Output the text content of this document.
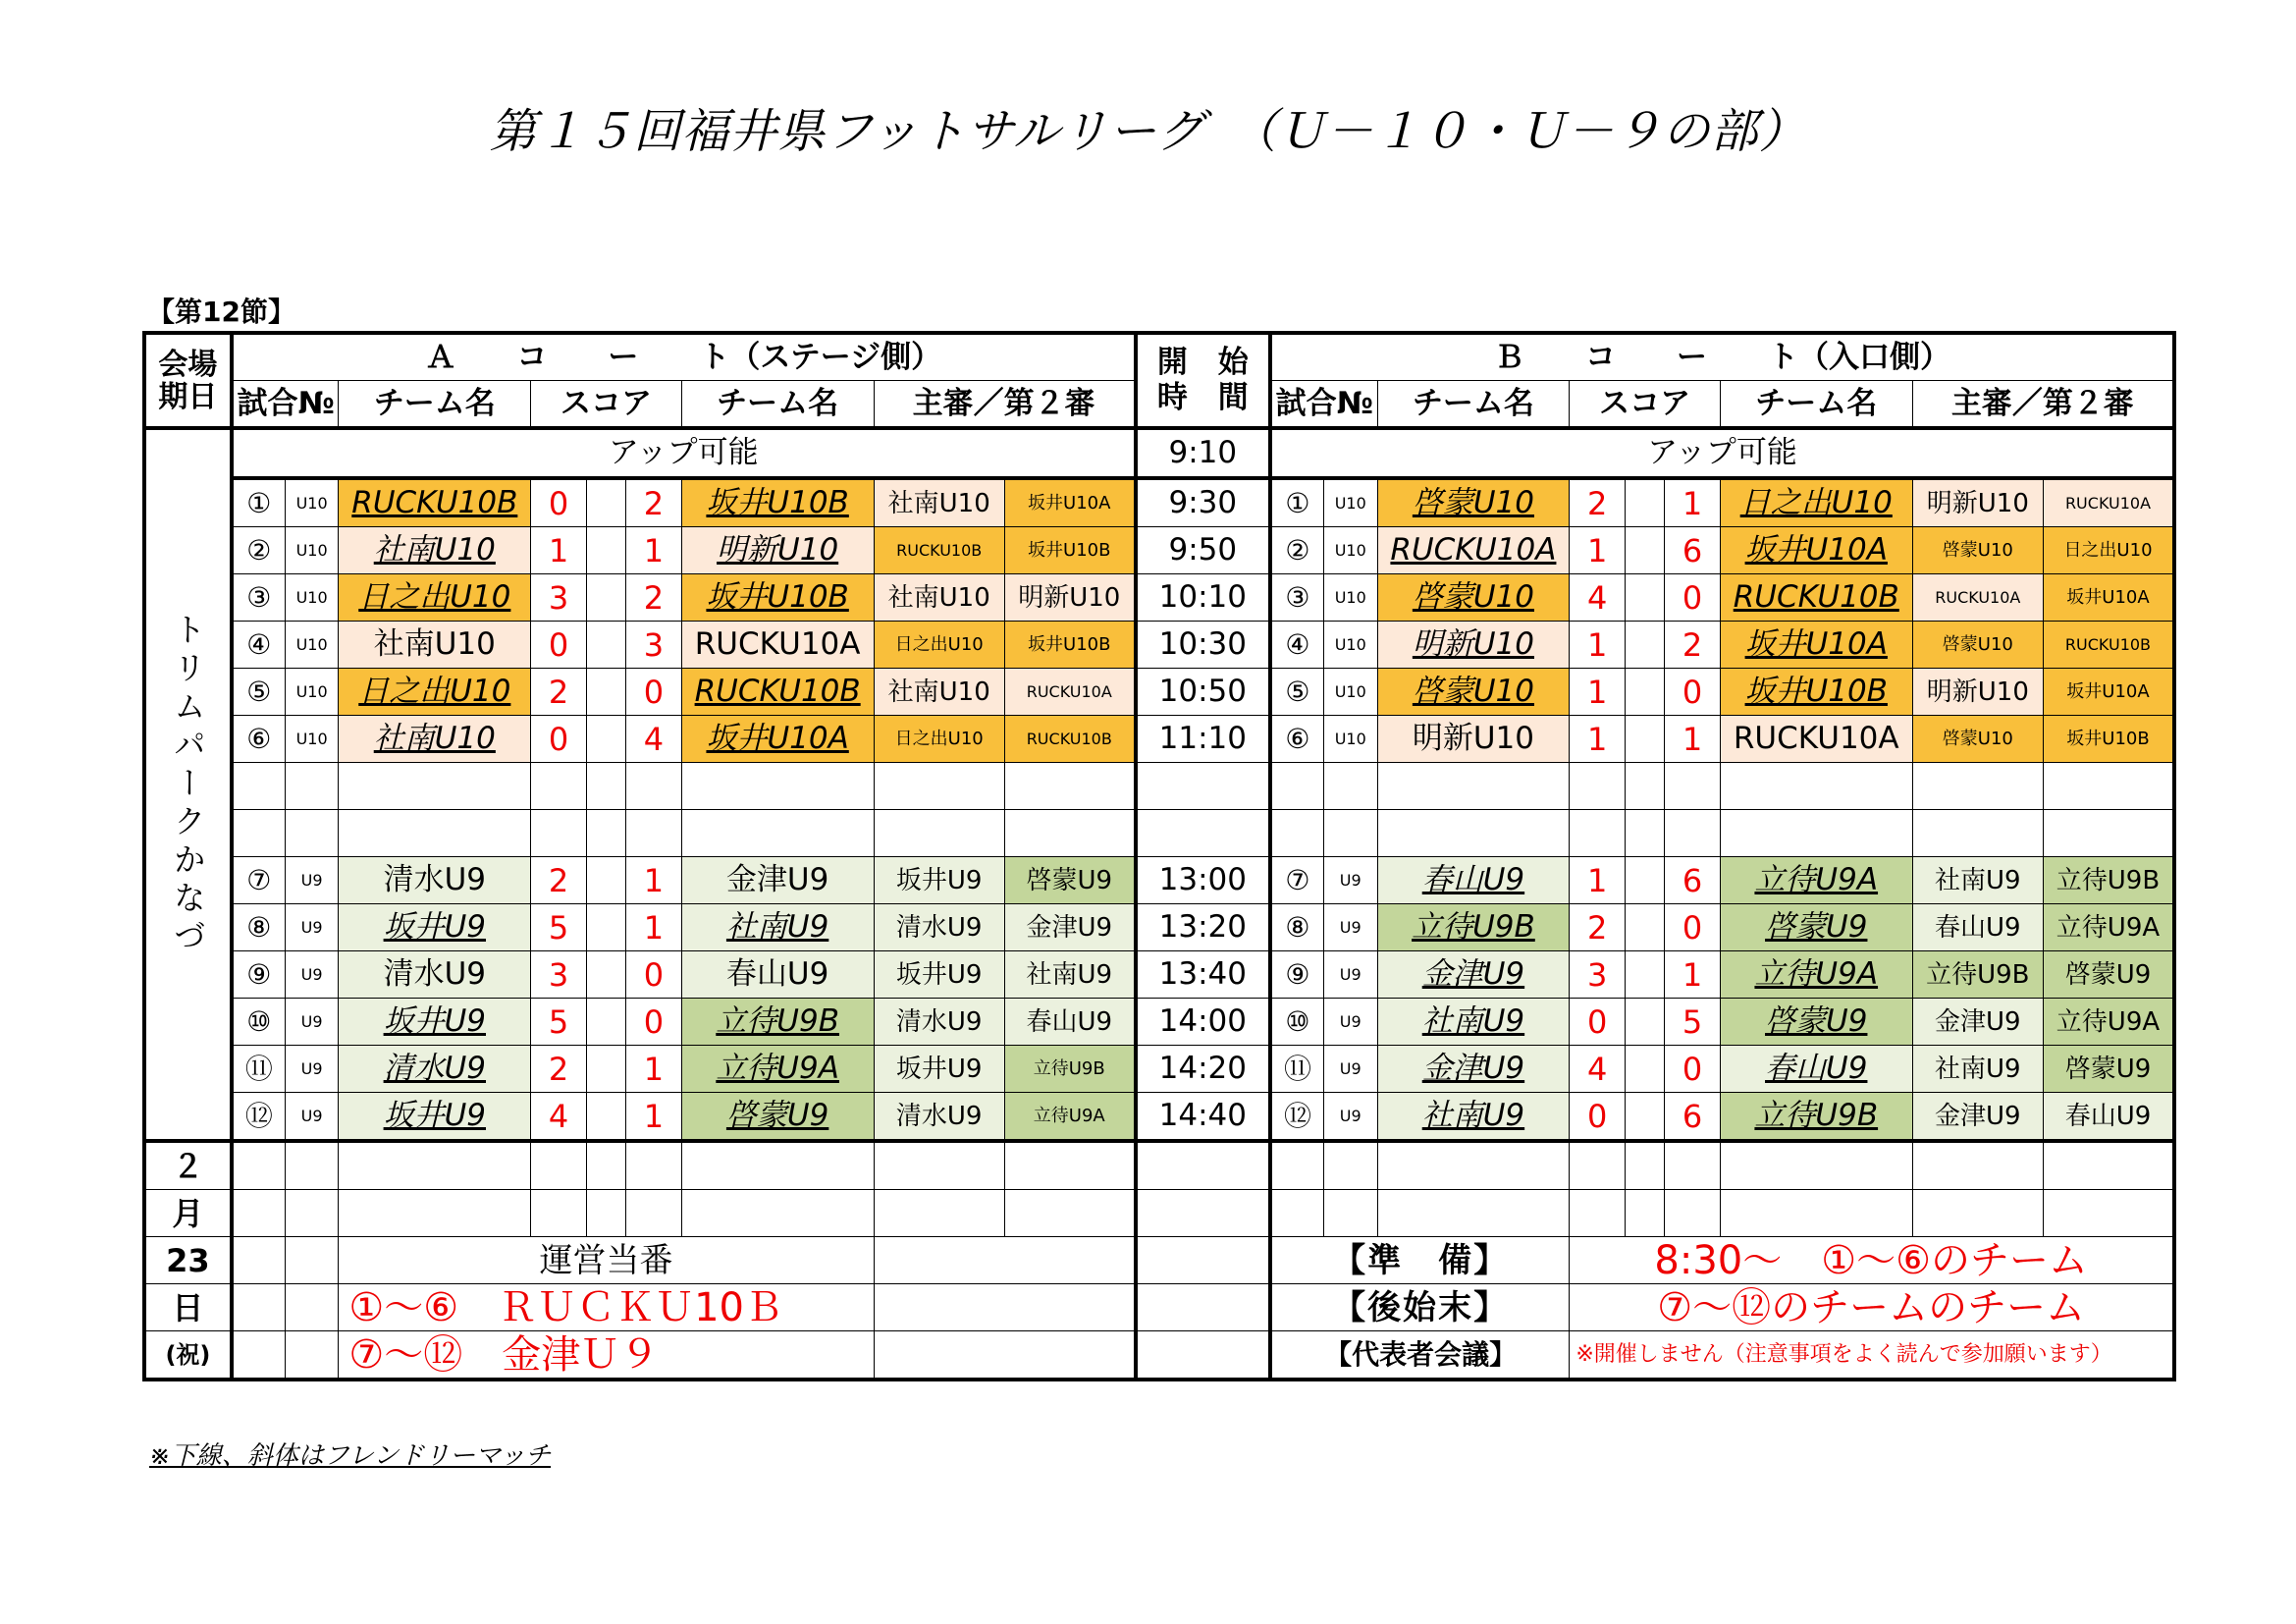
第１５回福井県フットサルリーグ　（Ｕ－１０・Ｕ－９の部）
【第12節】
会場
期日	Ａ　　コ　　ー　　ト（ステージ側）									開　始
時　間	Ｂ　　コ　　ー　　ト（入口側）								
	試合№		チーム名	スコア			チーム名	主審／第２審			試合№		チーム名	スコア			チーム名	主審／第２審	
トリムパークかなづ	アップ可能									9:10	アップ可能								
	①	U10	RUCKU10B	0		2	坂井U10B	社南U10	坂井U10A	9:30	①	U10	啓蒙U10	2		1	日之出U10	明新U10	RUCKU10A
	②	U10	社南U10	1		1	明新U10	RUCKU10B	坂井U10B	9:50	②	U10	RUCKU10A	1		6	坂井U10A	啓蒙U10	日之出U10
	③	U10	日之出U10	3		2	坂井U10B	社南U10	明新U10	10:10	③	U10	啓蒙U10	4		0	RUCKU10B	RUCKU10A	坂井U10A
	④	U10	社南U10	0		3	RUCKU10A	日之出U10	坂井U10B	10:30	④	U10	明新U10	1		2	坂井U10A	啓蒙U10	RUCKU10B
	⑤	U10	日之出U10	2		0	RUCKU10B	社南U10	RUCKU10A	10:50	⑤	U10	啓蒙U10	1		0	坂井U10B	明新U10	坂井U10A
	⑥	U10	社南U10	0		4	坂井U10A	日之出U10	RUCKU10B	11:10	⑥	U10	明新U10	1		1	RUCKU10A	啓蒙U10	坂井U10B

	⑦	U9	清水U9	2		1	金津U9	坂井U9	啓蒙U9	13:00	⑦	U9	春山U9	1		6	立待U9A	社南U9	立待U9B
	⑧	U9	坂井U9	5		1	社南U9	清水U9	金津U9	13:20	⑧	U9	立待U9B	2		0	啓蒙U9	春山U9	立待U9A
	⑨	U9	清水U9	3		0	春山U9	坂井U9	社南U9	13:40	⑨	U9	金津U9	3		1	立待U9A	立待U9B	啓蒙U9
	⑩	U9	坂井U9	5		0	立待U9B	清水U9	春山U9	14:00	⑩	U9	社南U9	0		5	啓蒙U9	金津U9	立待U9A
	⑪	U9	清水U9	2		1	立待U9A	坂井U9	立待U9B	14:20	⑪	U9	金津U9	4		0	春山U9	社南U9	啓蒙U9
	⑫	U9	坂井U9	4		1	啓蒙U9	清水U9	立待U9A	14:40	⑫	U9	社南U9	0		6	立待U9B	金津U9	春山U9
２																			
月																			
23			運営当番								【準　備】			8:30～　①～⑥のチーム					
日			①～⑥　ＲＵＣＫＵ10Ｂ								【後始末】			⑦～⑫のチームのチーム					
(祝)			⑦～⑫　金津Ｕ９								【代表者会議】			※開催しません（注意事項をよく読んで参加願います）					
※下線、斜体はフレンドリーマッチ
